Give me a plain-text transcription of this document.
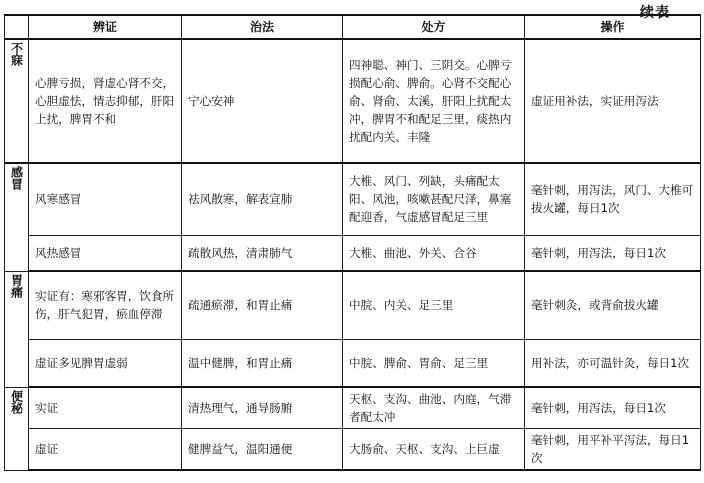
续表
	辨证	治法	处方	操作
不寐	心脾亏损，肾虚心肾不交，心胆虚怯，情志抑郁，肝阳上扰，脾胃不和	宁心安神	四神聪、神门、三阴交。心脾亏损配心俞、脾俞。心肾不交配心俞、肾俞、太溪，肝阳上扰配太冲，脾胃不和配足三里，痰热内扰配内关、丰隆	虚证用补法，实证用泻法
感冒	风寒感冒	祛风散寒，解表宣肺	大椎、风门、列缺，头痛配太阳、风池，咳嗽甚配尺泽，鼻塞配迎香，气虚感冒配足三里	毫针刺，用泻法，风门、大椎可拔火罐，每日1次
	风热感冒	疏散风热，清肃肺气	大椎、曲池、外关、合谷	毫针刺，用泻法，每日1次
胃痛	实证有：寒邪客胃，饮食所伤，肝气犯胃，瘀血停滞	疏通瘀滞，和胃止痛	中脘、内关、足三里	毫针刺灸，或背俞拔火罐
	虚证多见脾胃虚弱	温中健脾，和胃止痛	中脘、脾俞、胃俞、足三里	用补法，亦可温针灸，每日1次
便秘	实证	清热理气，通导肠腑	天枢、支沟、曲池、内庭，气滞者配太冲	毫针刺，用泻法，每日1次
	虚证	健脾益气，温阳通便	大肠俞、天枢、支沟、上巨虚	毫针刺，用平补平泻法，每日1次
